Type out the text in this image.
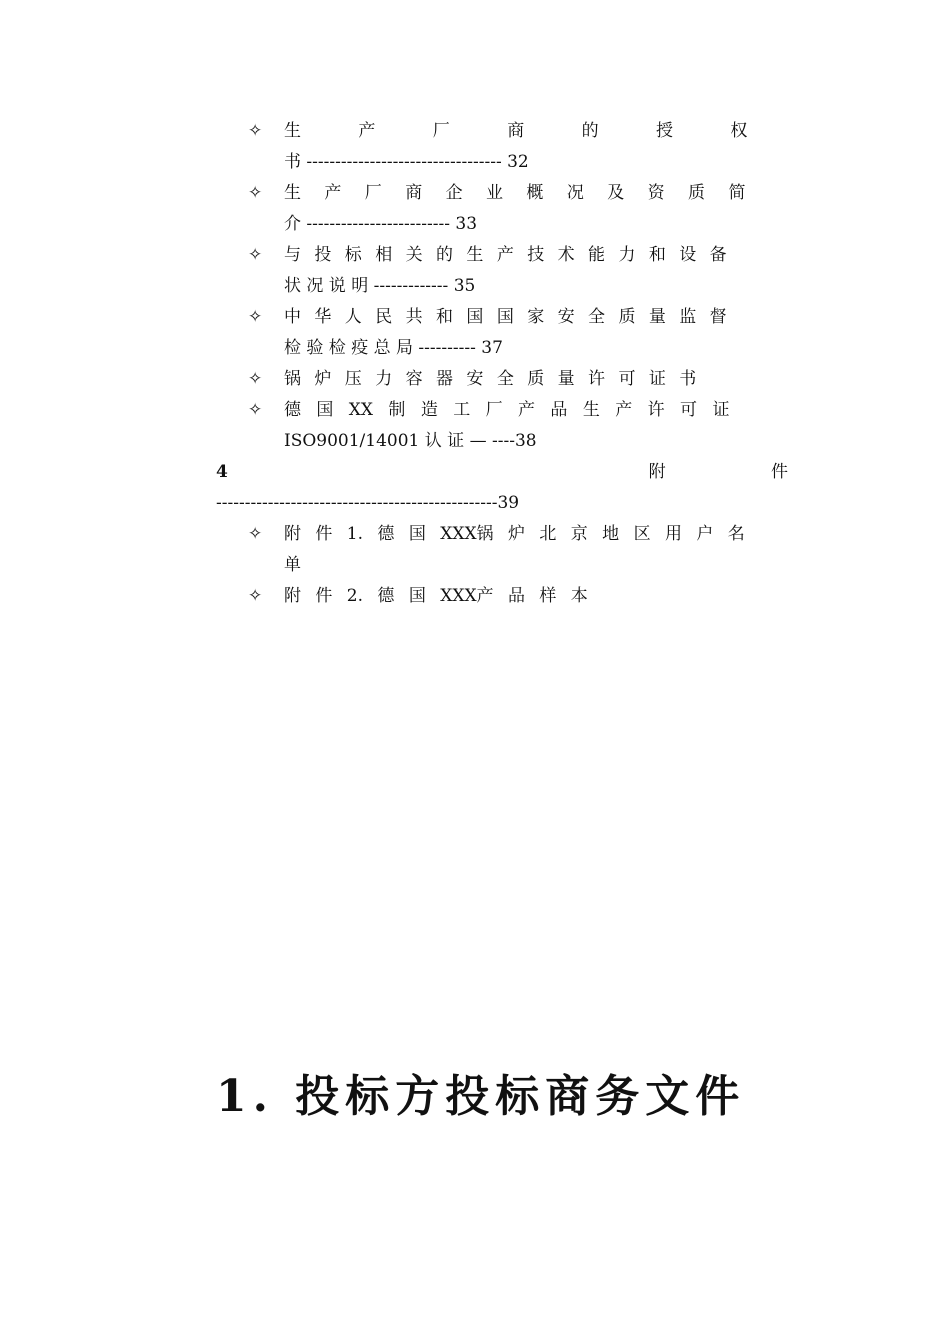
✧ 生 产 厂 商 的 授 权
书 ---------------------------------- 32
✧ 生 产 厂 商 企 业 概 况 及 资 质 简
介 ------------------------- 33
✧ 与 投 标 相 关 的 生 产 技 术 能 力 和 设 备
状 况 说 明 ------------- 35
✧ 中 华 人 民 共 和 国 国 家 安 全 质 量 监 督
检 验 检 疫 总 局 ---------- 37
✧ 锅 炉 压 力 容 器 安 全 质 量 许 可 证 书
✧ 德 国 XX 制 造 工 厂 产 品 生 产 许 可 证
ISO9001/14001 认 证 — ----38
4	附 件
-------------------------------------------------39
✧ 附 件 1. 德 国 XXX锅 炉 北 京 地 区 用 户 名
单
✧ 附 件 2. 德 国 XXX产 品 样 本
1. 投标方投标商务文件
